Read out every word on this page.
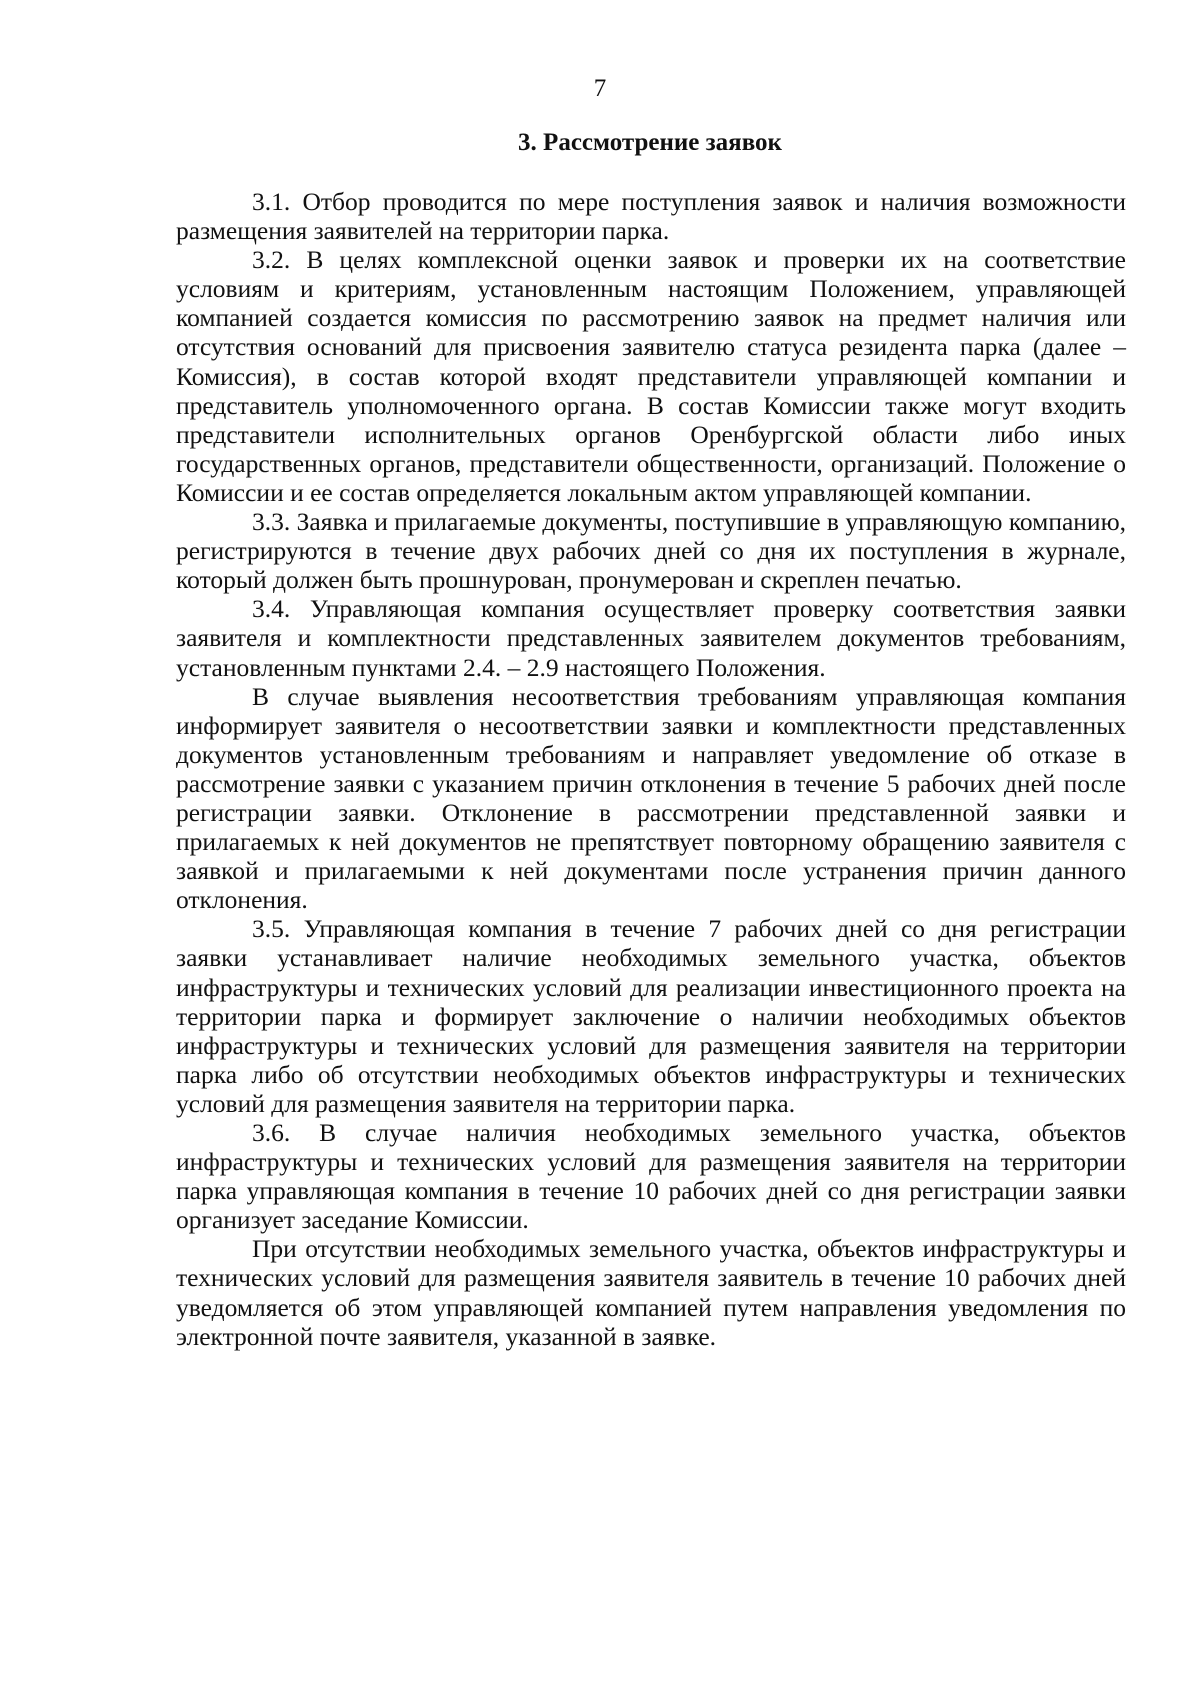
7
3. Рассмотрение заявок

3.1. Отбор проводится по мере поступления заявок и наличия возможности размещения заявителей на территории парка.

3.2. В целях комплексной оценки заявок и проверки их на соответствие условиям и критериям, установленным настоящим Положением, управляющей компанией создается комиссия по рассмотрению заявок на предмет наличия или отсутствия оснований для присвоения заявителю статуса резидента парка (далее – Комиссия), в состав которой входят представители управляющей компании и представитель уполномоченного органа. В состав Комиссии также могут входить представители исполнительных органов Оренбургской области либо иных государственных органов, представители общественности, организаций. Положение о Комиссии и ее состав определяется локальным актом управляющей компании.

3.3. Заявка и прилагаемые документы, поступившие в управляющую компанию, регистрируются в течение двух рабочих дней со дня их поступления в журнале, который должен быть прошнурован, пронумерован и скреплен печатью.

3.4. Управляющая компания осуществляет проверку соответствия заявки заявителя и комплектности представленных заявителем документов требованиям, установленным пунктами 2.4. – 2.9 настоящего Положения.

В случае выявления несоответствия требованиям управляющая компания информирует заявителя о несоответствии заявки и комплектности представленных документов установленным требованиям и направляет уведомление об отказе в рассмотрение заявки с указанием причин отклонения в течение 5 рабочих дней после регистрации заявки. Отклонение в рассмотрении представленной заявки и прилагаемых к ней документов не препятствует повторному обращению заявителя с заявкой и прилагаемыми к ней документами после устранения причин данного отклонения.

3.5. Управляющая компания в течение 7 рабочих дней со дня регистрации заявки устанавливает наличие необходимых земельного участка, объектов инфраструктуры и технических условий для реализации инвестиционного проекта на территории парка и формирует заключение о наличии необходимых объектов инфраструктуры и технических условий для размещения заявителя на территории парка либо об отсутствии необходимых объектов инфраструктуры и технических условий для размещения заявителя на территории парка.

3.6. В случае наличия необходимых земельного участка, объектов инфраструктуры и технических условий для размещения заявителя на территории парка управляющая компания в течение 10 рабочих дней со дня регистрации заявки организует заседание Комиссии.

При отсутствии необходимых земельного участка, объектов инфраструктуры и технических условий для размещения заявителя заявитель в течение 10 рабочих дней уведомляется об этом управляющей компанией путем направления уведомления по электронной почте заявителя, указанной в заявке.
